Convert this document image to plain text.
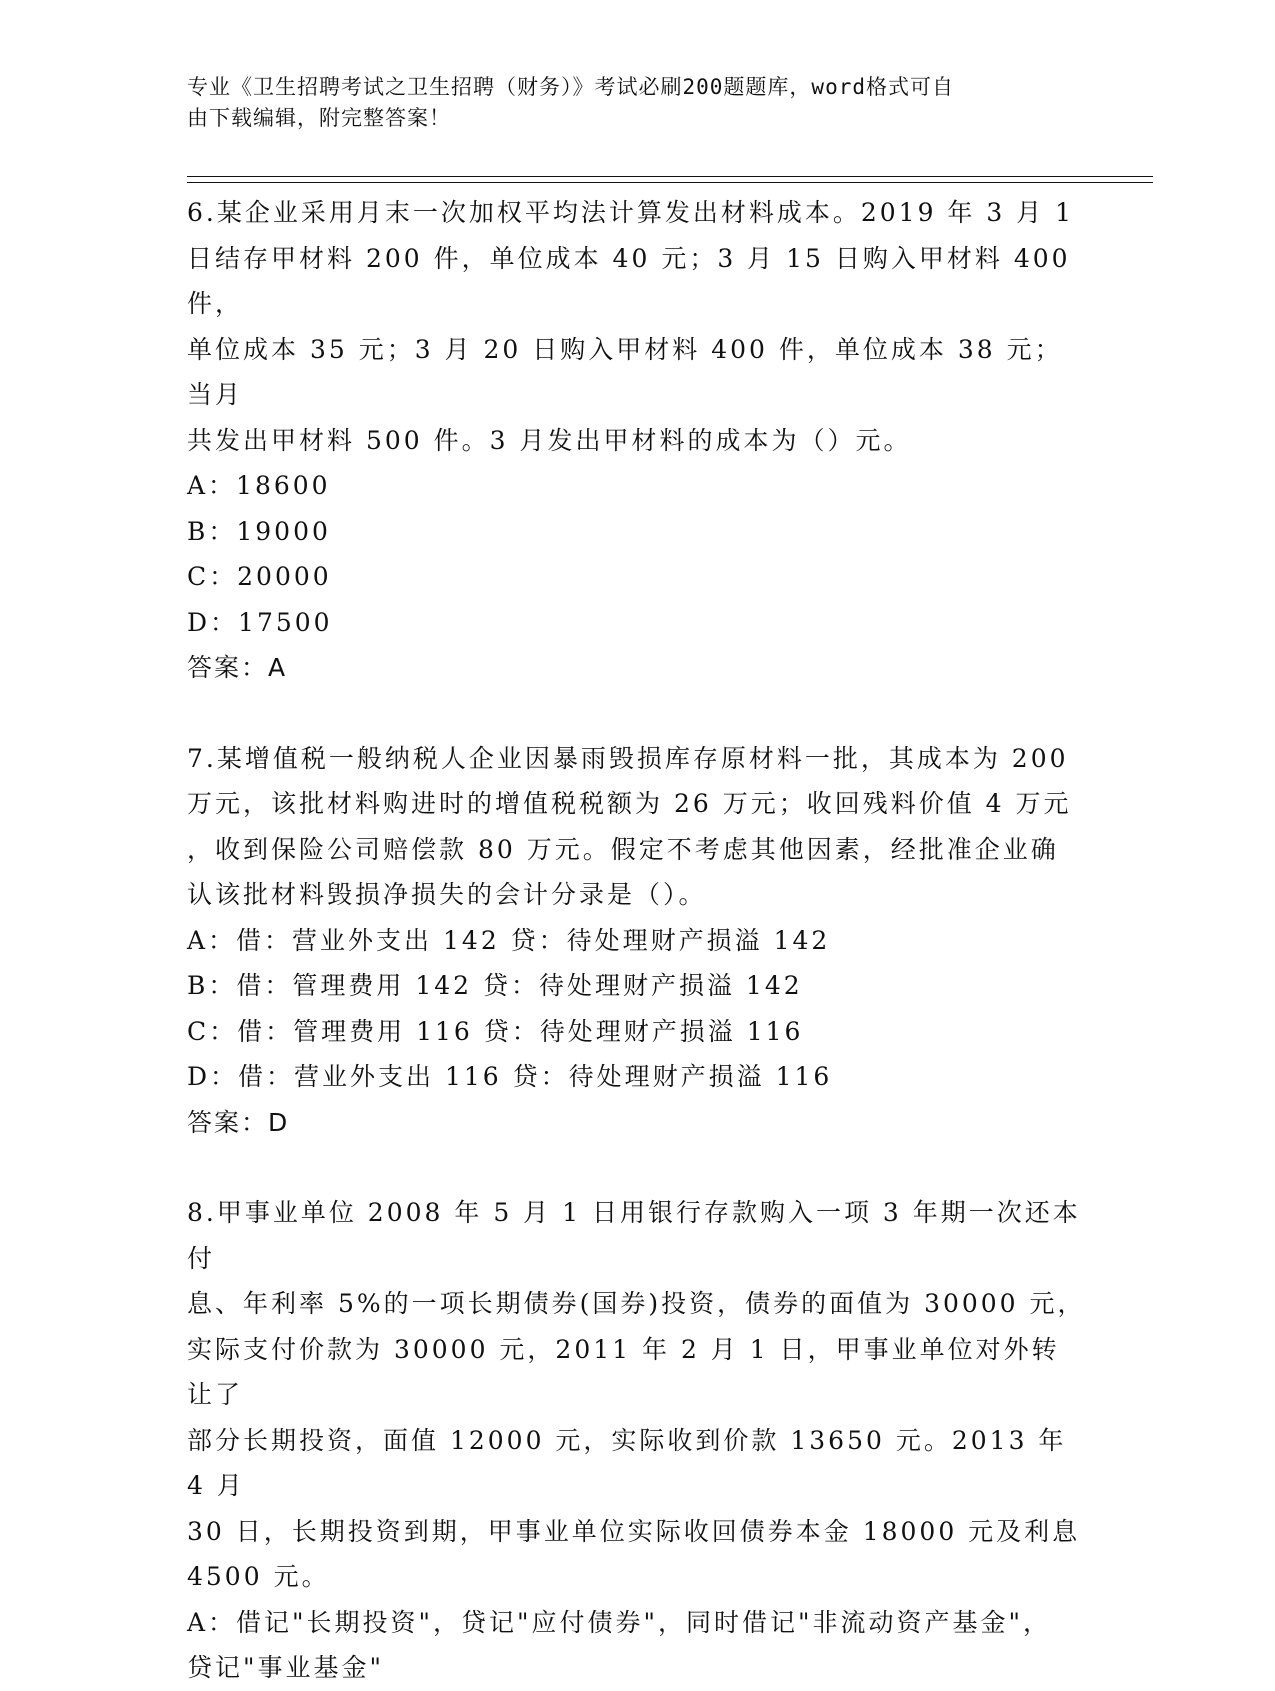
专业《卫生招聘考试之卫生招聘（财务）》考试必刷200题题库，word格式可自
由下载编辑，附完整答案！
6.某企业采用月末一次加权平均法计算发出材料成本。2019 年 3 月 1
日结存甲材料 200 件，单位成本 40 元；3 月 15 日购入甲材料 400 件，
单位成本 35 元；3 月 20 日购入甲材料 400 件，单位成本 38 元；当月
共发出甲材料 500 件。3 月发出甲材料的成本为（）元。
A：18600
B：19000
C：20000
D：17500
答案：A
7.某增值税一般纳税人企业因暴雨毁损库存原材料一批，其成本为 200
万元，该批材料购进时的增值税税额为 26 万元；收回残料价值 4 万元
，收到保险公司赔偿款 80 万元。假定不考虑其他因素，经批准企业确
认该批材料毁损净损失的会计分录是（）。
A：借：营业外支出 142 贷：待处理财产损溢 142
B：借：管理费用 142 贷：待处理财产损溢 142
C：借：管理费用 116 贷：待处理财产损溢 116
D：借：营业外支出 116 贷：待处理财产损溢 116
答案：D
8.甲事业单位 2008 年 5 月 1 日用银行存款购入一项 3 年期一次还本付
息、年利率 5%的一项长期债券(国券)投资，债券的面值为 30000 元，
实际支付价款为 30000 元，2011 年 2 月 1 日，甲事业单位对外转让了
部分长期投资，面值 12000 元，实际收到价款 13650 元。2013 年 4 月
30 日，长期投资到期，甲事业单位实际收回债券本金 18000 元及利息
4500 元。
A：借记"长期投资"，贷记"应付债券"，同时借记"非流动资产基金"，
贷记"事业基金"
